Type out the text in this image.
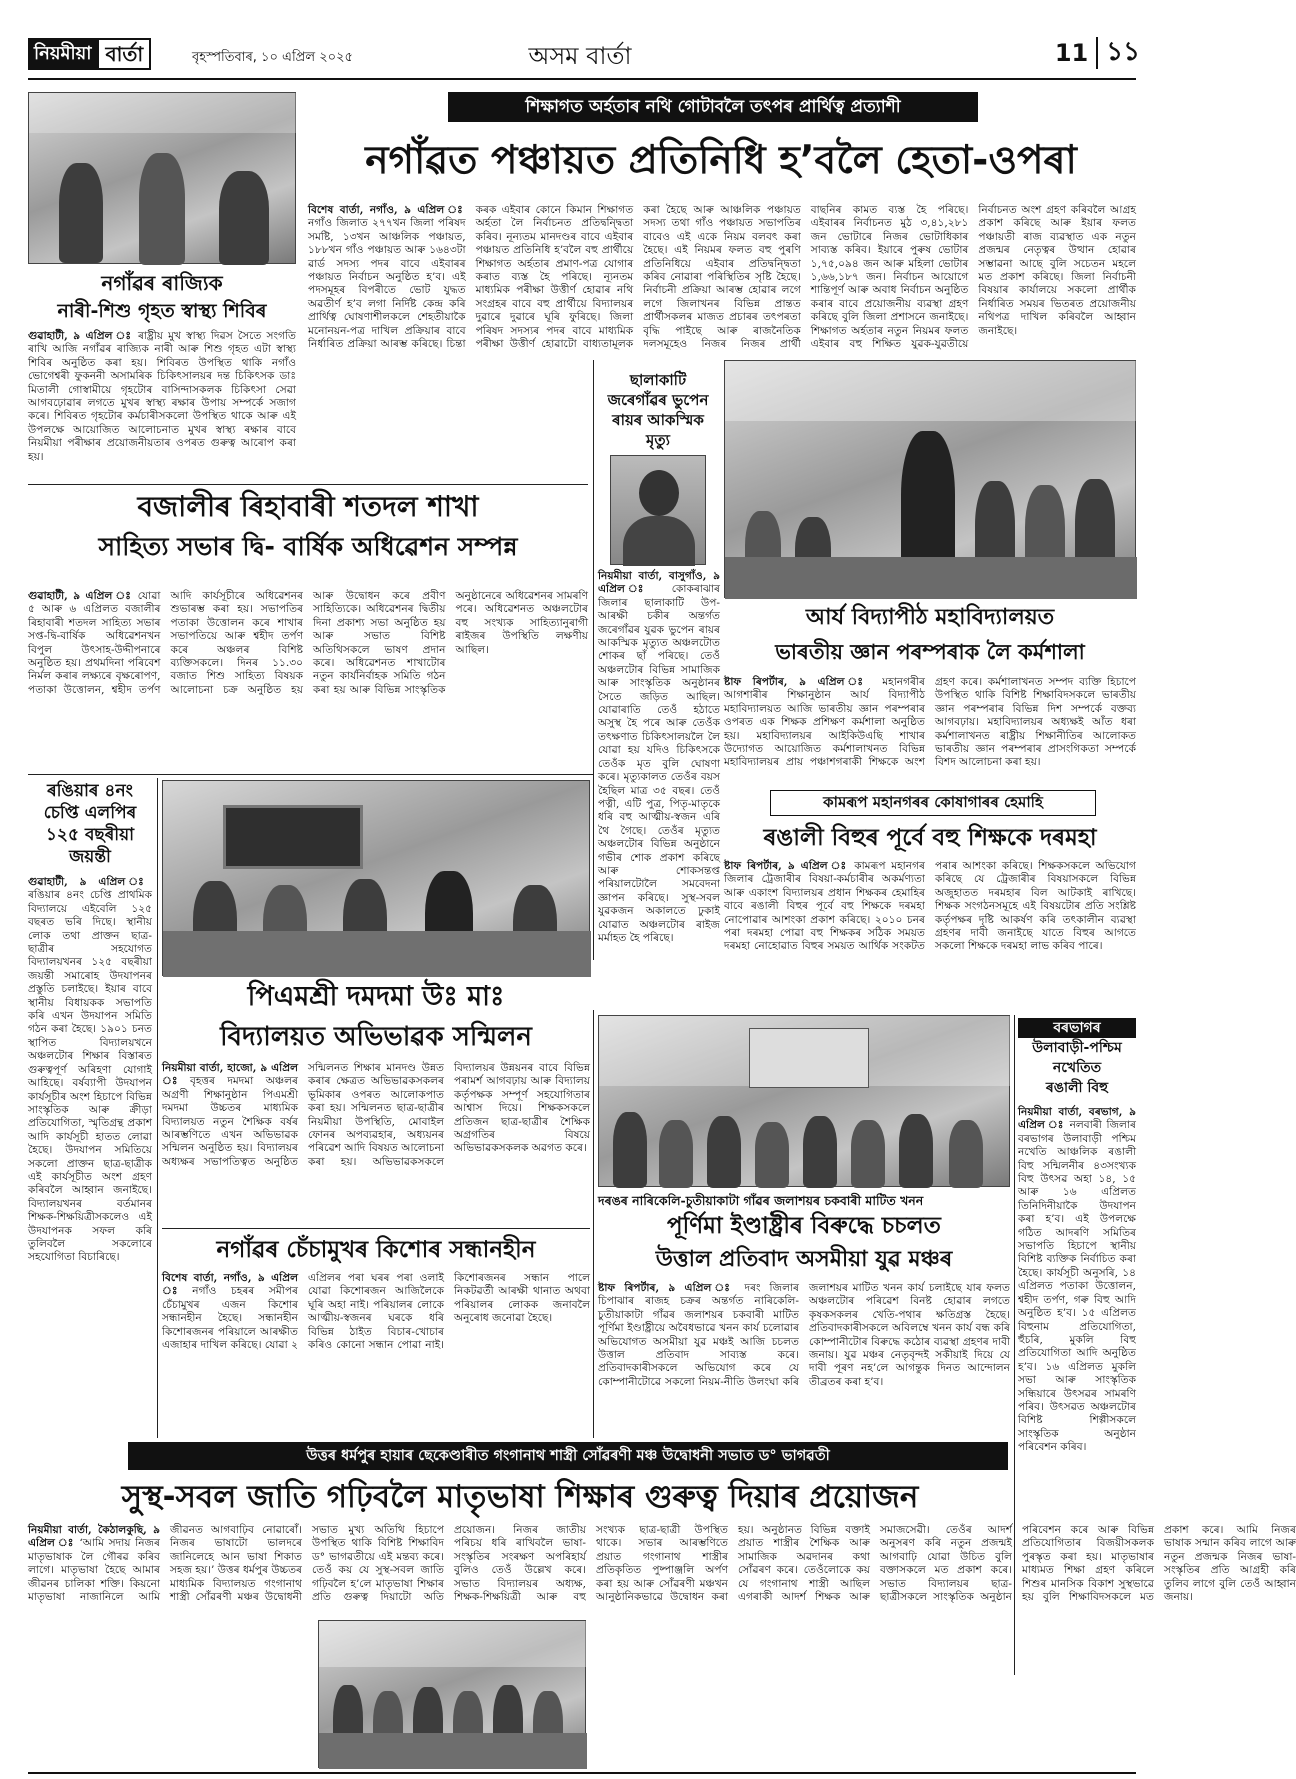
নিয়মীয়া বাৰ্তা	বৃহস্পতিবাৰ, ১০ এপ্ৰিল ২০২৫	অসম বাৰ্তা	11 ১১
নগাঁৱৰ ৰাজ্যিক
নাৰী-শিশু গৃহত স্বাস্থ্য শিবিৰ
গুৱাহাটী, ৯ এপ্ৰিল ঃ ৰাষ্ট্ৰীয় মুখ স্বাস্থ্য দিৱস সৈতে সংগতি ৰাখি আজি নগাঁৱৰ ৰাজ্যিক নাৰী আৰু শিশু গৃহত এটা স্বাস্থ্য শিবিৰ অনুষ্ঠিত কৰা হয়। শিবিৰত উপস্থিত থাকি নগাঁও ভোগেশ্বৰী ফুকননী অসামৰিক চিকিৎসালয়ৰ দন্ত চিকিৎসক ডাঃ মিতালী গোস্বামীয়ে গৃহটোৰ বাসিন্দাসকলক চিকিৎসা সেৱা আগবঢ়োৱাৰ লগতে মুখৰ স্বাস্থ্য ৰক্ষাৰ উপায় সম্পৰ্কে সজাগ কৰে। শিবিৰত গৃহটোৰ কৰ্মচাৰীসকলো উপস্থিত থাকে আৰু এই উপলক্ষে আয়োজিত আলোচনাত মুখৰ স্বাস্থ্য ৰক্ষাৰ বাবে নিয়মীয়া পৰীক্ষাৰ প্ৰয়োজনীয়তাৰ ওপৰত গুৰুত্ব আৰোপ কৰা হয়।
শিক্ষাগত অৰ্হতাৰ নথি গোটাবলৈ তৎপৰ প্ৰাৰ্থিত্ব প্ৰত্যাশী
নগাঁৱত পঞ্চায়ত প্ৰতিনিধি হ’বলৈ হেতা-ওপৰা
বিশেষ বাৰ্তা, নগাঁও, ৯ এপ্ৰিল ঃ নগাঁও জিলাত ২৭৭খন জিলা পৰিষদ সমষ্টি, ১৩খন আঞ্চলিক পঞ্চায়ত, ১৮৮খন গাঁও পঞ্চায়ত আৰু ১৬৪৩টা ৱাৰ্ড সদস্য পদৰ বাবে এইবাৰৰ পঞ্চায়ত নিৰ্বাচন অনুষ্ঠিত হ’ব। এই পদসমূহৰ বিপৰীতে ভোট যুদ্ধত অৱতীৰ্ণ হ’ব লগা নিৰ্দিষ্ট কেন্দ্ৰ কৰি প্ৰাৰ্থিত্ব ঘোষণাশীলকলে শেহতীয়াকৈ মনোনয়ন-পত্ৰ দাখিল প্ৰক্ৰিয়াৰ বাবে নিৰ্ধাৰিত প্ৰক্ৰিয়া আৰম্ভ কৰিছে। চিন্তা কৰক এইবাৰ কোনে কিমান শিক্ষাগত অৰ্হতা লৈ নিৰ্বাচনত প্ৰতিদ্বন্দ্বিতা কৰিব। নূন্যতম মানদণ্ডৰ বাবে এইবাৰ পঞ্চায়ত প্ৰতিনিধি হ’বলৈ বহু প্ৰাৰ্থীয়ে শিক্ষাগত অৰ্হতাৰ প্ৰমাণ-পত্ৰ যোগাৰ কৰাত ব্যস্ত হৈ পৰিছে। ন্যূনতম মাধ্যমিক পৰীক্ষা উত্তীৰ্ণ হোৱাৰ নথি সংগ্ৰহৰ বাবে বহু প্ৰাৰ্থীয়ে বিদ্যালয়ৰ দুৱাৰে দুৱাৰে ঘূৰি ফুৰিছে। জিলা পৰিষদ সদস্যৰ পদৰ বাবে মাধ্যমিক পৰীক্ষা উত্তীৰ্ণ হোৱাটো বাধ্যতামূলক কৰা হৈছে আৰু আঞ্চলিক পঞ্চায়ত সদস্য তথা গাঁও পঞ্চায়ত সভাপতিৰ বাবেও এই একে নিয়ম বলবৎ কৰা হৈছে। এই নিয়মৰ ফলত বহু পুৰণি প্ৰতিনিধিয়ে এইবাৰ প্ৰতিদ্বন্দ্বিতা কৰিব নোৱাৰা পৰিস্থিতিৰ সৃষ্টি হৈছে। নিৰ্বাচনী প্ৰক্ৰিয়া আৰম্ভ হোৱাৰ লগে লগে জিলাখনৰ বিভিন্ন প্ৰান্তত প্ৰাৰ্থীসকলৰ মাজত প্ৰচাৰৰ তৎপৰতা বৃদ্ধি পাইছে আৰু ৰাজনৈতিক দলসমূহেও নিজৰ নিজৰ প্ৰাৰ্থী বাছনিৰ কামত ব্যস্ত হৈ পৰিছে। এইবাৰৰ নিৰ্বাচনত মুঠ ৩,৪১,২৮১ জন ভোটাৰে নিজৰ ভোটাধিকাৰ সাব্যস্ত কৰিব। ইয়াৰে পুৰুষ ভোটাৰ ১,৭৫,০৯৪ জন আৰু মহিলা ভোটাৰ ১,৬৬,১৮৭ জন। নিৰ্বাচন আয়োগে শান্তিপূৰ্ণ আৰু অবাধ নিৰ্বাচন অনুষ্ঠিত কৰাৰ বাবে প্ৰয়োজনীয় ব্যৱস্থা গ্ৰহণ কৰিছে বুলি জিলা প্ৰশাসনে জনাইছে। শিক্ষাগত অৰ্হতাৰ নতুন নিয়মৰ ফলত এইবাৰ বহু শিক্ষিত যুৱক-যুৱতীয়ে নিৰ্বাচনত অংশ গ্ৰহণ কৰিবলৈ আগ্ৰহ প্ৰকাশ কৰিছে আৰু ইয়াৰ ফলত পঞ্চায়তী ৰাজ ব্যৱস্থাত এক নতুন প্ৰজন্মৰ নেতৃত্বৰ উত্থান হোৱাৰ সম্ভাৱনা আছে বুলি সচেতন মহলে মত প্ৰকাশ কৰিছে। জিলা নিৰ্বাচনী বিষয়াৰ কাৰ্যালয়ে সকলো প্ৰাৰ্থীক নিৰ্ধাৰিত সময়ৰ ভিতৰত প্ৰয়োজনীয় নথিপত্ৰ দাখিল কৰিবলৈ আহ্বান জনাইছে।
বজালীৰ ৰিহাবাৰী শতদল শাখা
সাহিত্য সভাৰ দ্বি- বাৰ্ষিক অধিৱেশন সম্পন্ন
গুৱাহাটী, ৯ এপ্ৰিল ঃ যোৱা ৫ আৰু ৬ এপ্ৰিলত বজালীৰ ৰিহাবাৰী শতদল সাহিত্য সভাৰ সপ্ত-দ্বি-বাৰ্ষিক অধিৱেশনখন বিপুল উৎসাহ-উদ্দীপনাৰে অনুষ্ঠিত হয়। প্ৰথমদিনা পৰিবেশ নিৰ্মল কৰাৰ লক্ষ্যৰে বৃক্ষৰোপণ, পতাকা উত্তোলন, শ্বহীদ তৰ্পণ আদি কাৰ্যসূচীৰে অধিৱেশনৰ শুভাৰম্ভ কৰা হয়। সভাপতিৰ পতাকা উত্তোলন কৰে শাখাৰ সভাপতিয়ে আৰু শ্বহীদ তৰ্পণ কৰে অঞ্চলৰ বিশিষ্ট ব্যক্তিসকলে। দিনৰ ১১.৩০ বজাত শিশু সাহিত্য বিষয়ক আলোচনা চক্ৰ অনুষ্ঠিত হয় আৰু উদ্বোধন কৰে প্ৰবীণ সাহিত্যিকে। অধিৱেশনৰ দ্বিতীয় দিনা প্ৰকাশ্য সভা অনুষ্ঠিত হয় আৰু সভাত বিশিষ্ট অতিথিসকলে ভাষণ প্ৰদান কৰে। অধিৱেশনত শাখাটোৰ নতুন কাৰ্যনিৰ্বাহক সমিতি গঠন কৰা হয় আৰু বিভিন্ন সাংস্কৃতিক অনুষ্ঠানেৰে অধিৱেশনৰ সামৰণি পৰে। অধিৱেশনত অঞ্চলটোৰ বহু সংখ্যক সাহিত্যানুৰাগী ৰাইজৰ উপস্থিতি লক্ষণীয় আছিল।
ছালাকাটি
জৰেগাঁৱৰ ভুপেন
ৰায়ৰ আকস্মিক
মৃত্যু
নিয়মীয়া বাৰ্তা, বাসুগাঁও, ৯ এপ্ৰিল ঃ কোকৰাঝাৰ জিলাৰ ছালাকাটি উপ-আৰক্ষী চকীৰ অন্তৰ্গত জৰেগাঁৱৰ যুৱক ভুপেন ৰায়ৰ আকস্মিক মৃত্যুত অঞ্চলটোত শোকৰ ছাঁ পৰিছে। তেওঁ অঞ্চলটোৰ বিভিন্ন সামাজিক আৰু সাংস্কৃতিক অনুষ্ঠানৰ সৈতে জড়িত আছিল। যোৱাৰাতি তেওঁ হঠাতে অসুস্থ হৈ পৰে আৰু তেওঁক তৎক্ষণাত চিকিৎসালয়লৈ লৈ যোৱা হয় যদিও চিকিৎসকে তেওঁক মৃত বুলি ঘোষণা কৰে। মৃত্যুকালত তেওঁৰ বয়স হৈছিল মাত্ৰ ৩৫ বছৰ। তেওঁ পত্নী, এটি পুত্ৰ, পিতৃ-মাতৃকে ধৰি বহু আত্মীয়-স্বজন এৰি থৈ গৈছে। তেওঁৰ মৃত্যুত অঞ্চলটোৰ বিভিন্ন অনুষ্ঠানে গভীৰ শোক প্ৰকাশ কৰিছে আৰু শোকসন্তপ্ত পৰিয়ালটোলৈ সমবেদনা জ্ঞাপন কৰিছে। সুস্থ-সবল যুৱকজন অকালতে ঢুকাই যোৱাত অঞ্চলটোৰ ৰাইজ মৰ্মাহত হৈ পৰিছে।
আৰ্য বিদ্যাপীঠ মহাবিদ্যালয়ত
ভাৰতীয় জ্ঞান পৰম্পৰাক লৈ কৰ্মশালা
ষ্টাফ ৰিপৰ্টাৰ, ৯ এপ্ৰিল ঃ মহানগৰীৰ আগশাৰীৰ শিক্ষানুষ্ঠান আৰ্য বিদ্যাপীঠ মহাবিদ্যালয়ত আজি ভাৰতীয় জ্ঞান পৰম্পৰাৰ ওপৰত এক শিক্ষক প্ৰশিক্ষণ কৰ্মশালা অনুষ্ঠিত হয়। মহাবিদ্যালয়ৰ আইকিউএছি শাখাৰ উদ্যোগত আয়োজিত কৰ্মশালাখনত বিভিন্ন মহাবিদ্যালয়ৰ প্ৰায় পঞ্চাশগৰাকী শিক্ষকে অংশ গ্ৰহণ কৰে। কৰ্মশালাখনত সম্পদ ব্যক্তি হিচাপে উপস্থিত থাকি বিশিষ্ট শিক্ষাবিদসকলে ভাৰতীয় জ্ঞান পৰম্পৰাৰ বিভিন্ন দিশ সম্পৰ্কে বক্তব্য আগবঢ়ায়। মহাবিদ্যালয়ৰ অধ্যক্ষই আঁত ধৰা কৰ্মশালাখনত ৰাষ্ট্ৰীয় শিক্ষানীতিৰ আলোকত ভাৰতীয় জ্ঞান পৰম্পৰাৰ প্ৰাসংগিকতা সম্পৰ্কে বিশদ আলোচনা কৰা হয়।
কামৰূপ মহানগৰৰ কোষাগাৰৰ হেমাহি
ৰঙালী বিহুৰ পূৰ্বে বহু শিক্ষকে দৰমহা
ষ্টাফ ৰিপৰ্টাৰ, ৯ এপ্ৰিল ঃ কামৰূপ মহানগৰ জিলাৰ ট্ৰেজাৰীৰ বিষয়া-কৰ্মচাৰীৰ অকৰ্মণ্যতা আৰু একাংশ বিদ্যালয়ৰ প্ৰধান শিক্ষকৰ হেমাহিৰ বাবে ৰঙালী বিহুৰ পূৰ্বে বহু শিক্ষকে দৰমহা নোপোৱাৰ আশংকা প্ৰকাশ কৰিছে। ২০১০ চনৰ পৰা দৰমহা পোৱা বহু শিক্ষকৰ সঠিক সময়ত দৰমহা নোহোৱাত বিহুৰ সময়ত আৰ্থিক সংকটত পৰাৰ আশংকা কৰিছে। শিক্ষকসকলে অভিযোগ কৰিছে যে ট্ৰেজাৰীৰ বিষয়াসকলে বিভিন্ন অজুহাতত দৰমহাৰ বিল আটকাই ৰাখিছে। শিক্ষক সংগঠনসমূহে এই বিষয়টোৰ প্ৰতি সংশ্লিষ্ট কৰ্তৃপক্ষৰ দৃষ্টি আকৰ্ষণ কৰি তৎকালীন ব্যৱস্থা গ্ৰহণৰ দাবী জনাইছে যাতে বিহুৰ আগতে সকলো শিক্ষকে দৰমহা লাভ কৰিব পাৰে।
ৰঙিয়াৰ ৪নং
চেপ্তি এলপিৰ
১২৫ বছৰীয়া
জয়ন্তী
গুৱাহাটী, ৯ এপ্ৰিল ঃ ৰঙিয়াৰ ৪নং চেপ্তি প্ৰাথমিক বিদ্যালয়ে এইবেলি ১২৫ বছৰত ভৰি দিছে। স্থানীয় লোক তথা প্ৰাক্তন ছাত্ৰ-ছাত্ৰীৰ সহযোগত বিদ্যালয়খনৰ ১২৫ বছৰীয়া জয়ন্তী সমাৰোহ উদযাপনৰ প্ৰস্তুতি চলাইছে। ইয়াৰ বাবে স্থানীয় বিধায়কক সভাপতি কৰি এখন উদযাপন সমিতি গঠন কৰা হৈছে। ১৯০১ চনত স্থাপিত বিদ্যালয়খনে অঞ্চলটোৰ শিক্ষাৰ বিস্তাৰত গুৰুত্বপূৰ্ণ অৰিহণা যোগাই আহিছে। বৰ্ষব্যাপী উদযাপন কাৰ্যসূচীৰ অংশ হিচাপে বিভিন্ন সাংস্কৃতিক আৰু ক্ৰীড়া প্ৰতিযোগিতা, স্মৃতিগ্ৰন্থ প্ৰকাশ আদি কাৰ্যসূচী হাতত লোৱা হৈছে। উদযাপন সমিতিয়ে সকলো প্ৰাক্তন ছাত্ৰ-ছাত্ৰীক এই কাৰ্যসূচীত অংশ গ্ৰহণ কৰিবলৈ আহ্বান জনাইছে। বিদ্যালয়খনৰ বৰ্তমানৰ শিক্ষক-শিক্ষয়িত্ৰীসকলেও এই উদযাপনক সফল কৰি তুলিবলৈ সকলোৰে সহযোগিতা বিচাৰিছে।
পিএমশ্ৰী দমদমা উঃ মাঃ
বিদ্যালয়ত অভিভাৱক সন্মিলন
নিয়মীয়া বাৰ্তা, হাজো, ৯ এপ্ৰিল ঃ বৃহত্তৰ দমদমা অঞ্চলৰ অগ্ৰণী শিক্ষানুষ্ঠান পিএমশ্ৰী দমদমা উচ্চতৰ মাধ্যমিক বিদ্যালয়ত নতুন শৈক্ষিক বৰ্ষৰ আৰম্ভণিতে এখন অভিভাৱক সন্মিলন অনুষ্ঠিত হয়। বিদ্যালয়ৰ অধ্যক্ষৰ সভাপতিত্বত অনুষ্ঠিত সন্মিলনত শিক্ষাৰ মানদণ্ড উন্নত কৰাৰ ক্ষেত্ৰত অভিভাৱকসকলৰ ভূমিকাৰ ওপৰত আলোকপাত কৰা হয়। সন্মিলনত ছাত্ৰ-ছাত্ৰীৰ নিয়মীয়া উপস্থিতি, মোবাইল ফোনৰ অপব্যৱহাৰ, অধ্যয়নৰ পৰিৱেশ আদি বিষয়ত আলোচনা কৰা হয়। অভিভাৱকসকলে বিদ্যালয়ৰ উন্নয়নৰ বাবে বিভিন্ন পৰামৰ্শ আগবঢ়ায় আৰু বিদ্যালয় কৰ্তৃপক্ষক সম্পূৰ্ণ সহযোগিতাৰ আশ্বাস দিয়ে। শিক্ষকসকলে প্ৰতিজন ছাত্ৰ-ছাত্ৰীৰ শৈক্ষিক অগ্ৰগতিৰ বিষয়ে অভিভাৱকসকলক অৱগত কৰে।
নগাঁৱৰ চেঁচামুখৰ কিশোৰ সন্ধানহীন
বিশেষ বাৰ্তা, নগাঁও, ৯ এপ্ৰিল ঃ নগাঁও চহৰৰ সমীপৰ চেঁচামুখৰ এজন কিশোৰ সন্ধানহীন হৈছে। সন্ধানহীন কিশোৰজনৰ পৰিয়ালে আৰক্ষীত এজাহাৰ দাখিল কৰিছে। যোৱা ২ এপ্ৰিলৰ পৰা ঘৰৰ পৰা ওলাই যোৱা কিশোৰজন আজিলৈকে ঘূৰি অহা নাই। পৰিয়ালৰ লোকে আত্মীয়-স্বজনৰ ঘৰকে ধৰি বিভিন্ন ঠাইত বিচাৰ-খোচাৰ কৰিও কোনো সন্ধান পোৱা নাই। কিশোৰজনৰ সন্ধান পালে নিকটৱৰ্তী আৰক্ষী থানাত অথবা পৰিয়ালৰ লোকক জনাবলৈ অনুৰোধ জনোৱা হৈছে।
দৰঙৰ নাৰিকেলি-চুতীয়াকাটা গাঁৱৰ জলাশয়ৰ চকবাৰী মাটিত খনন
পূৰ্ণিমা ইণ্ডাষ্ট্ৰীৰ বিৰুদ্ধে চচলত
উত্তাল প্ৰতিবাদ অসমীয়া যুৱ মঞ্চৰ
ষ্টাফ ৰিপৰ্টাৰ, ৯ এপ্ৰিল ঃ দৰং জিলাৰ চিপাঝাৰ ৰাজহ চক্ৰৰ অন্তৰ্গত নাৰিকেলি-চুতীয়াকাটা গাঁৱৰ জলাশয়ৰ চকবাৰী মাটিত পূৰ্ণিমা ইণ্ডাষ্ট্ৰীয়ে অবৈধভাৱে খনন কাৰ্য চলোৱাৰ অভিযোগত অসমীয়া যুৱ মঞ্চই আজি চচলত উত্তাল প্ৰতিবাদ সাব্যস্ত কৰে। প্ৰতিবাদকাৰীসকলে অভিযোগ কৰে যে কোম্পানীটোৱে সকলো নিয়ম-নীতি উলংঘা কৰি জলাশয়ৰ মাটিত খনন কাৰ্য চলাইছে যাৰ ফলত অঞ্চলটোৰ পৰিৱেশ বিনষ্ট হোৱাৰ লগতে কৃষকসকলৰ খেতি-পথাৰ ক্ষতিগ্ৰস্ত হৈছে। প্ৰতিবাদকাৰীসকলে অবিলম্বে খনন কাৰ্য বন্ধ কৰি কোম্পানীটোৰ বিৰুদ্ধে কঠোৰ ব্যৱস্থা গ্ৰহণৰ দাবী জনায়। যুৱ মঞ্চৰ নেতৃবৃন্দই সকীয়াই দিয়ে যে দাবী পূৰণ নহ’লে আগন্তুক দিনত আন্দোলন তীব্ৰতৰ কৰা হ’ব।
বৰভাগৰ
উলাবাড়ী-পশ্চিম
নখেতিত
ৰঙালী বিহু
নিয়মীয়া বাৰ্তা, বৰভাগ, ৯ এপ্ৰিল ঃ নলবাৰী জিলাৰ বৰভাগৰ উলাবাড়ী পশ্চিম নখেতি আঞ্চলিক ৰঙালী বিহু সন্মিলনীৰ ৪৩সংখ্যক বিহু উৎসৱ অহা ১৪, ১৫ আৰু ১৬ এপ্ৰিলত তিনিদিনীয়াকৈ উদযাপন কৰা হ’ব। এই উপলক্ষে গঠিত আদৰণি সমিতিৰ সভাপতি হিচাপে স্থানীয় বিশিষ্ট ব্যক্তিক নিৰ্বাচিত কৰা হৈছে। কাৰ্যসূচী অনুসৰি, ১৪ এপ্ৰিলত পতাকা উত্তোলন, শ্বহীদ তৰ্পণ, গৰু বিহু আদি অনুষ্ঠিত হ’ব। ১৫ এপ্ৰিলত বিহুনাম প্ৰতিযোগিতা, হুঁচৰি, মুকলি বিহু প্ৰতিযোগিতা আদি অনুষ্ঠিত হ’ব। ১৬ এপ্ৰিলত মুকলি সভা আৰু সাংস্কৃতিক সন্ধিয়াৰে উৎসৱৰ সামৰণি পৰিব। উৎসৱত অঞ্চলটোৰ বিশিষ্ট শিল্পীসকলে সাংস্কৃতিক অনুষ্ঠান পৰিবেশন কৰিব।
উত্তৰ ধৰ্মপুৰ হায়াৰ ছেকেণ্ডাৰীত গংগানাথ শাস্ত্ৰী সোঁৱৰণী মঞ্চ উদ্বোধনী সভাত ড° ভাগৱতী
সুস্থ-সবল জাতি গঢ়িবলৈ মাতৃভাষা শিক্ষাৰ গুৰুত্ব দিয়াৰ প্ৰয়োজন
নিয়মীয়া বাৰ্তা, কৈঠালকুছি, ৯ এপ্ৰিল ঃ ‘আমি সদায় নিজৰ মাতৃভাষাক লৈ গৌৰৱ কৰিব লাগে। মাতৃভাষা হৈছে আমাৰ জীৱনৰ চালিকা শক্তি। কিয়নো মাতৃভাষা নাজানিলে আমি জীৱনত আগবাঢ়িব নোৱাৰোঁ। নিজৰ ভাষাটো ভালদৰে জানিলেহে আন ভাষা শিকাত সহজ হয়।’ উত্তৰ ধৰ্মপুৰ উচ্চতৰ মাধ্যমিক বিদ্যালয়ত গংগানাথ শাস্ত্ৰী সোঁৱৰণী মঞ্চৰ উদ্বোধনী সভাত মুখ্য অতিথি হিচাপে উপস্থিত থাকি বিশিষ্ট শিক্ষাবিদ ড° ভাগৱতীয়ে এই মন্তব্য কৰে। তেওঁ কয় যে সুস্থ-সবল জাতি গঢ়িবলৈ হ’লে মাতৃভাষা শিক্ষাৰ প্ৰতি গুৰুত্ব দিয়াটো অতি প্ৰয়োজন। নিজৰ জাতীয় পৰিচয় ধৰি ৰাখিবলৈ ভাষা-সংস্কৃতিৰ সংৰক্ষণ অপৰিহাৰ্য বুলিও তেওঁ উল্লেখ কৰে। সভাত বিদ্যালয়ৰ অধ্যক্ষ, শিক্ষক-শিক্ষয়িত্ৰী আৰু বহু সংখ্যক ছাত্ৰ-ছাত্ৰী উপস্থিত থাকে। সভাৰ আৰম্ভণিতে প্ৰয়াত গংগানাথ শাস্ত্ৰীৰ প্ৰতিকৃতিত পুষ্পাঞ্জলি অৰ্পণ কৰা হয় আৰু সোঁৱৰণী মঞ্চখন আনুষ্ঠানিকভাৱে উদ্বোধন কৰা হয়। অনুষ্ঠানত বিভিন্ন বক্তাই প্ৰয়াত শাস্ত্ৰীৰ শৈক্ষিক আৰু সামাজিক অৱদানৰ কথা সোঁৱৰণ কৰে। তেওঁলোকে কয় যে গংগানাথ শাস্ত্ৰী আছিল এগৰাকী আদৰ্শ শিক্ষক আৰু সমাজসেৱী। তেওঁৰ আদৰ্শ অনুসৰণ কৰি নতুন প্ৰজন্মই আগবাঢ়ি যোৱা উচিত বুলি বক্তাসকলে মত প্ৰকাশ কৰে। সভাত বিদ্যালয়ৰ ছাত্ৰ-ছাত্ৰীসকলে সাংস্কৃতিক অনুষ্ঠান পৰিবেশন কৰে আৰু বিভিন্ন প্ৰতিযোগিতাৰ বিজয়ীসকলক পুৰস্কৃত কৰা হয়। মাতৃভাষাৰ মাধ্যমত শিক্ষা গ্ৰহণ কৰিলে শিশুৰ মানসিক বিকাশ সুস্থভাৱে হয় বুলি শিক্ষাবিদসকলে মত প্ৰকাশ কৰে। আমি নিজৰ ভাষাক সন্মান কৰিব লাগে আৰু নতুন প্ৰজন্মক নিজৰ ভাষা-সংস্কৃতিৰ প্ৰতি আগ্ৰহী কৰি তুলিব লাগে বুলি তেওঁ আহ্বান জনায়।
